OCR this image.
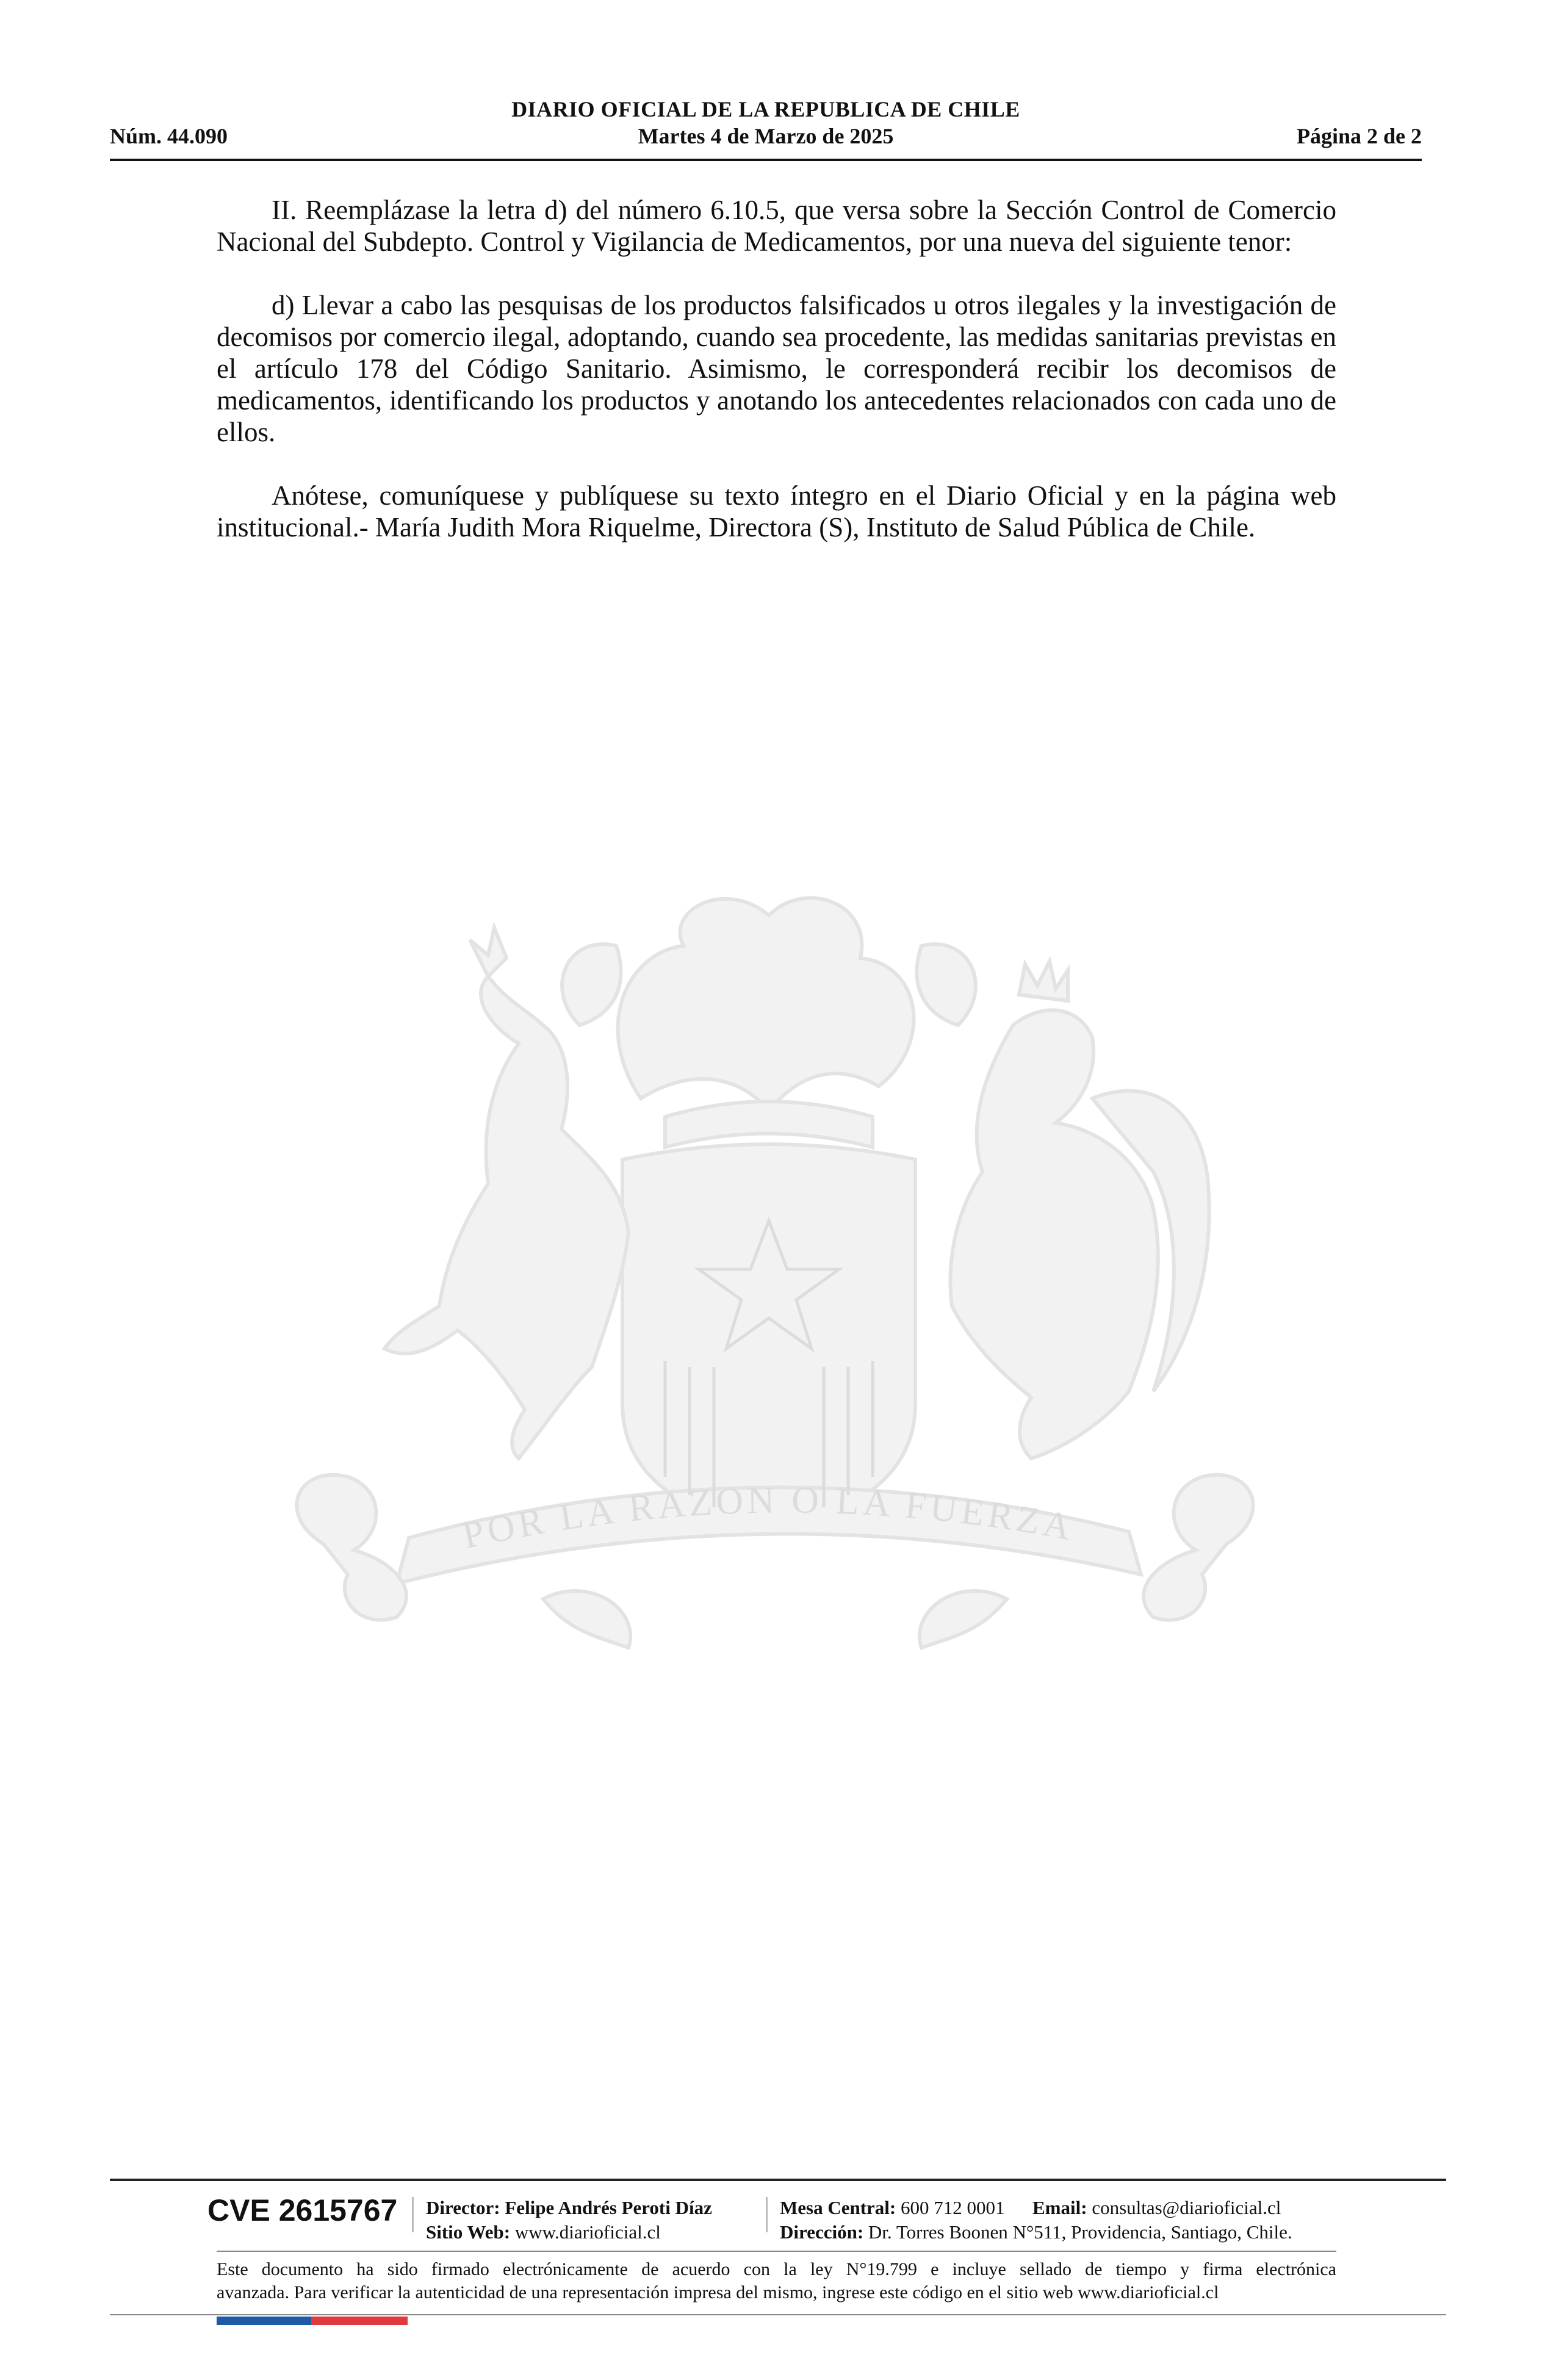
DIARIO OFICIAL DE LA REPUBLICA DE CHILE
Núm. 44.090	Martes 4 de Marzo de 2025	Página 2 de 2

II. Reemplázase la letra d) del número 6.10.5, que versa sobre la Sección Control de Comercio Nacional del Subdepto. Control y Vigilancia de Medicamentos, por una nueva del siguiente tenor:

d) Llevar a cabo las pesquisas de los productos falsificados u otros ilegales y la investigación de decomisos por comercio ilegal, adoptando, cuando sea procedente, las medidas sanitarias previstas en el artículo 178 del Código Sanitario. Asimismo, le corresponderá recibir los decomisos de medicamentos, identificando los productos y anotando los antecedentes relacionados con cada uno de ellos.

Anótese, comuníquese y publíquese su texto íntegro en el Diario Oficial y en la página web institucional.- María Judith Mora Riquelme, Directora (S), Instituto de Salud Pública de Chile.

POR LA RAZON O LA FUERZA
CVE 2615767 Director: Felipe Andrés Peroti Díaz
Sitio Web: www.diarioficial.cl
Mesa Central: 600 712 0001 Email: consultas@diarioficial.cl
Dirección: Dr. Torres Boonen N°511, Providencia, Santiago, Chile.
Este documento ha sido firmado electrónicamente de acuerdo con la ley N°19.799 e incluye sellado de tiempo y firma electrónica
avanzada. Para verificar la autenticidad de una representación impresa del mismo, ingrese este código en el sitio web www.diarioficial.cl
